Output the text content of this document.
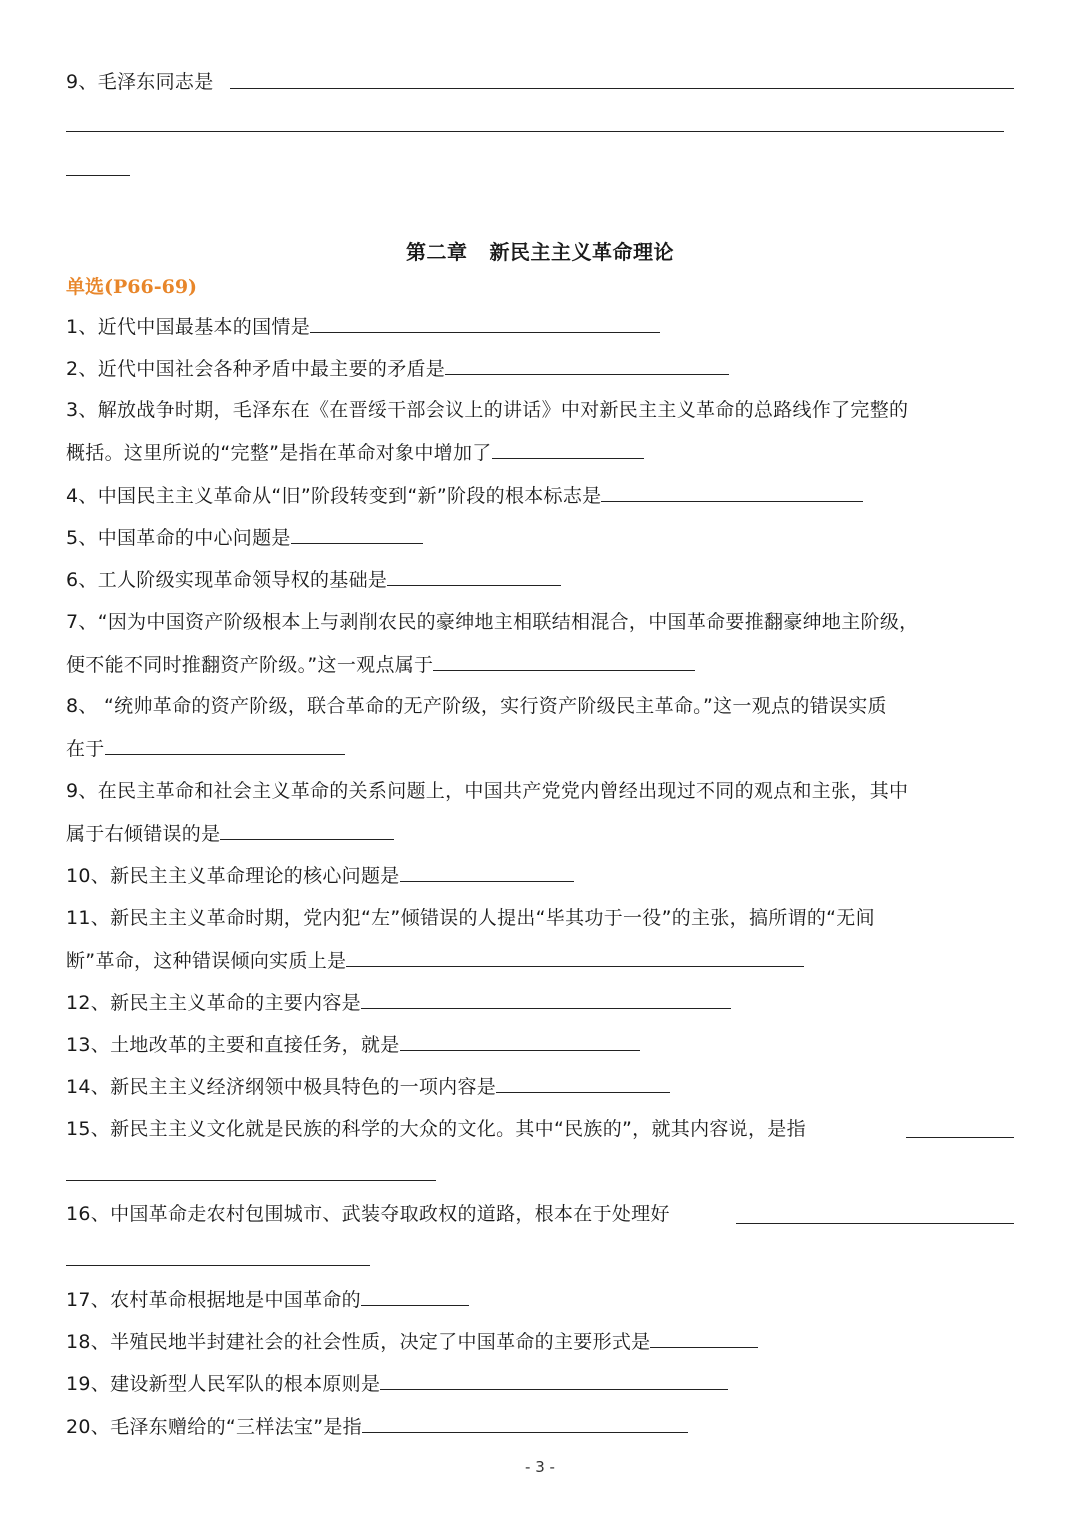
9、毛泽东同志是
第二章 新民主主义革命理论
单选(P66-69)
1、近代中国最基本的国情是
2、近代中国社会各种矛盾中最主要的矛盾是
3、解放战争时期，毛泽东在《在晋绥干部会议上的讲话》中对新民主主义革命的总路线作了完整的
概括。这里所说的“完整”是指在革命对象中增加了
4、中国民主主义革命从“旧”阶段转变到“新”阶段的根本标志是
5、中国革命的中心问题是
6、工人阶级实现革命领导权的基础是
7、“因为中国资产阶级根本上与剥削农民的豪绅地主相联结相混合，中国革命要推翻豪绅地主阶级，
便不能不同时推翻资产阶级。”这一观点属于
8、 “统帅革命的资产阶级，联合革命的无产阶级，实行资产阶级民主革命。”这一观点的错误实质
在于
9、在民主革命和社会主义革命的关系问题上，中国共产党党内曾经出现过不同的观点和主张，其中
属于右倾错误的是
10、新民主主义革命理论的核心问题是
11、新民主主义革命时期，党内犯“左”倾错误的人提出“毕其功于一役”的主张，搞所谓的“无间
断”革命，这种错误倾向实质上是
12、新民主主义革命的主要内容是
13、土地改革的主要和直接任务，就是
14、新民主主义经济纲领中极具特色的一项内容是
15、新民主主义文化就是民族的科学的大众的文化。其中“民族的”，就其内容说，是指
16、中国革命走农村包围城市、武装夺取政权的道路，根本在于处理好
17、农村革命根据地是中国革命的
18、半殖民地半封建社会的社会性质，决定了中国革命的主要形式是
19、建设新型人民军队的根本原则是
20、毛泽东赠给的“三样法宝”是指
- 3 -
